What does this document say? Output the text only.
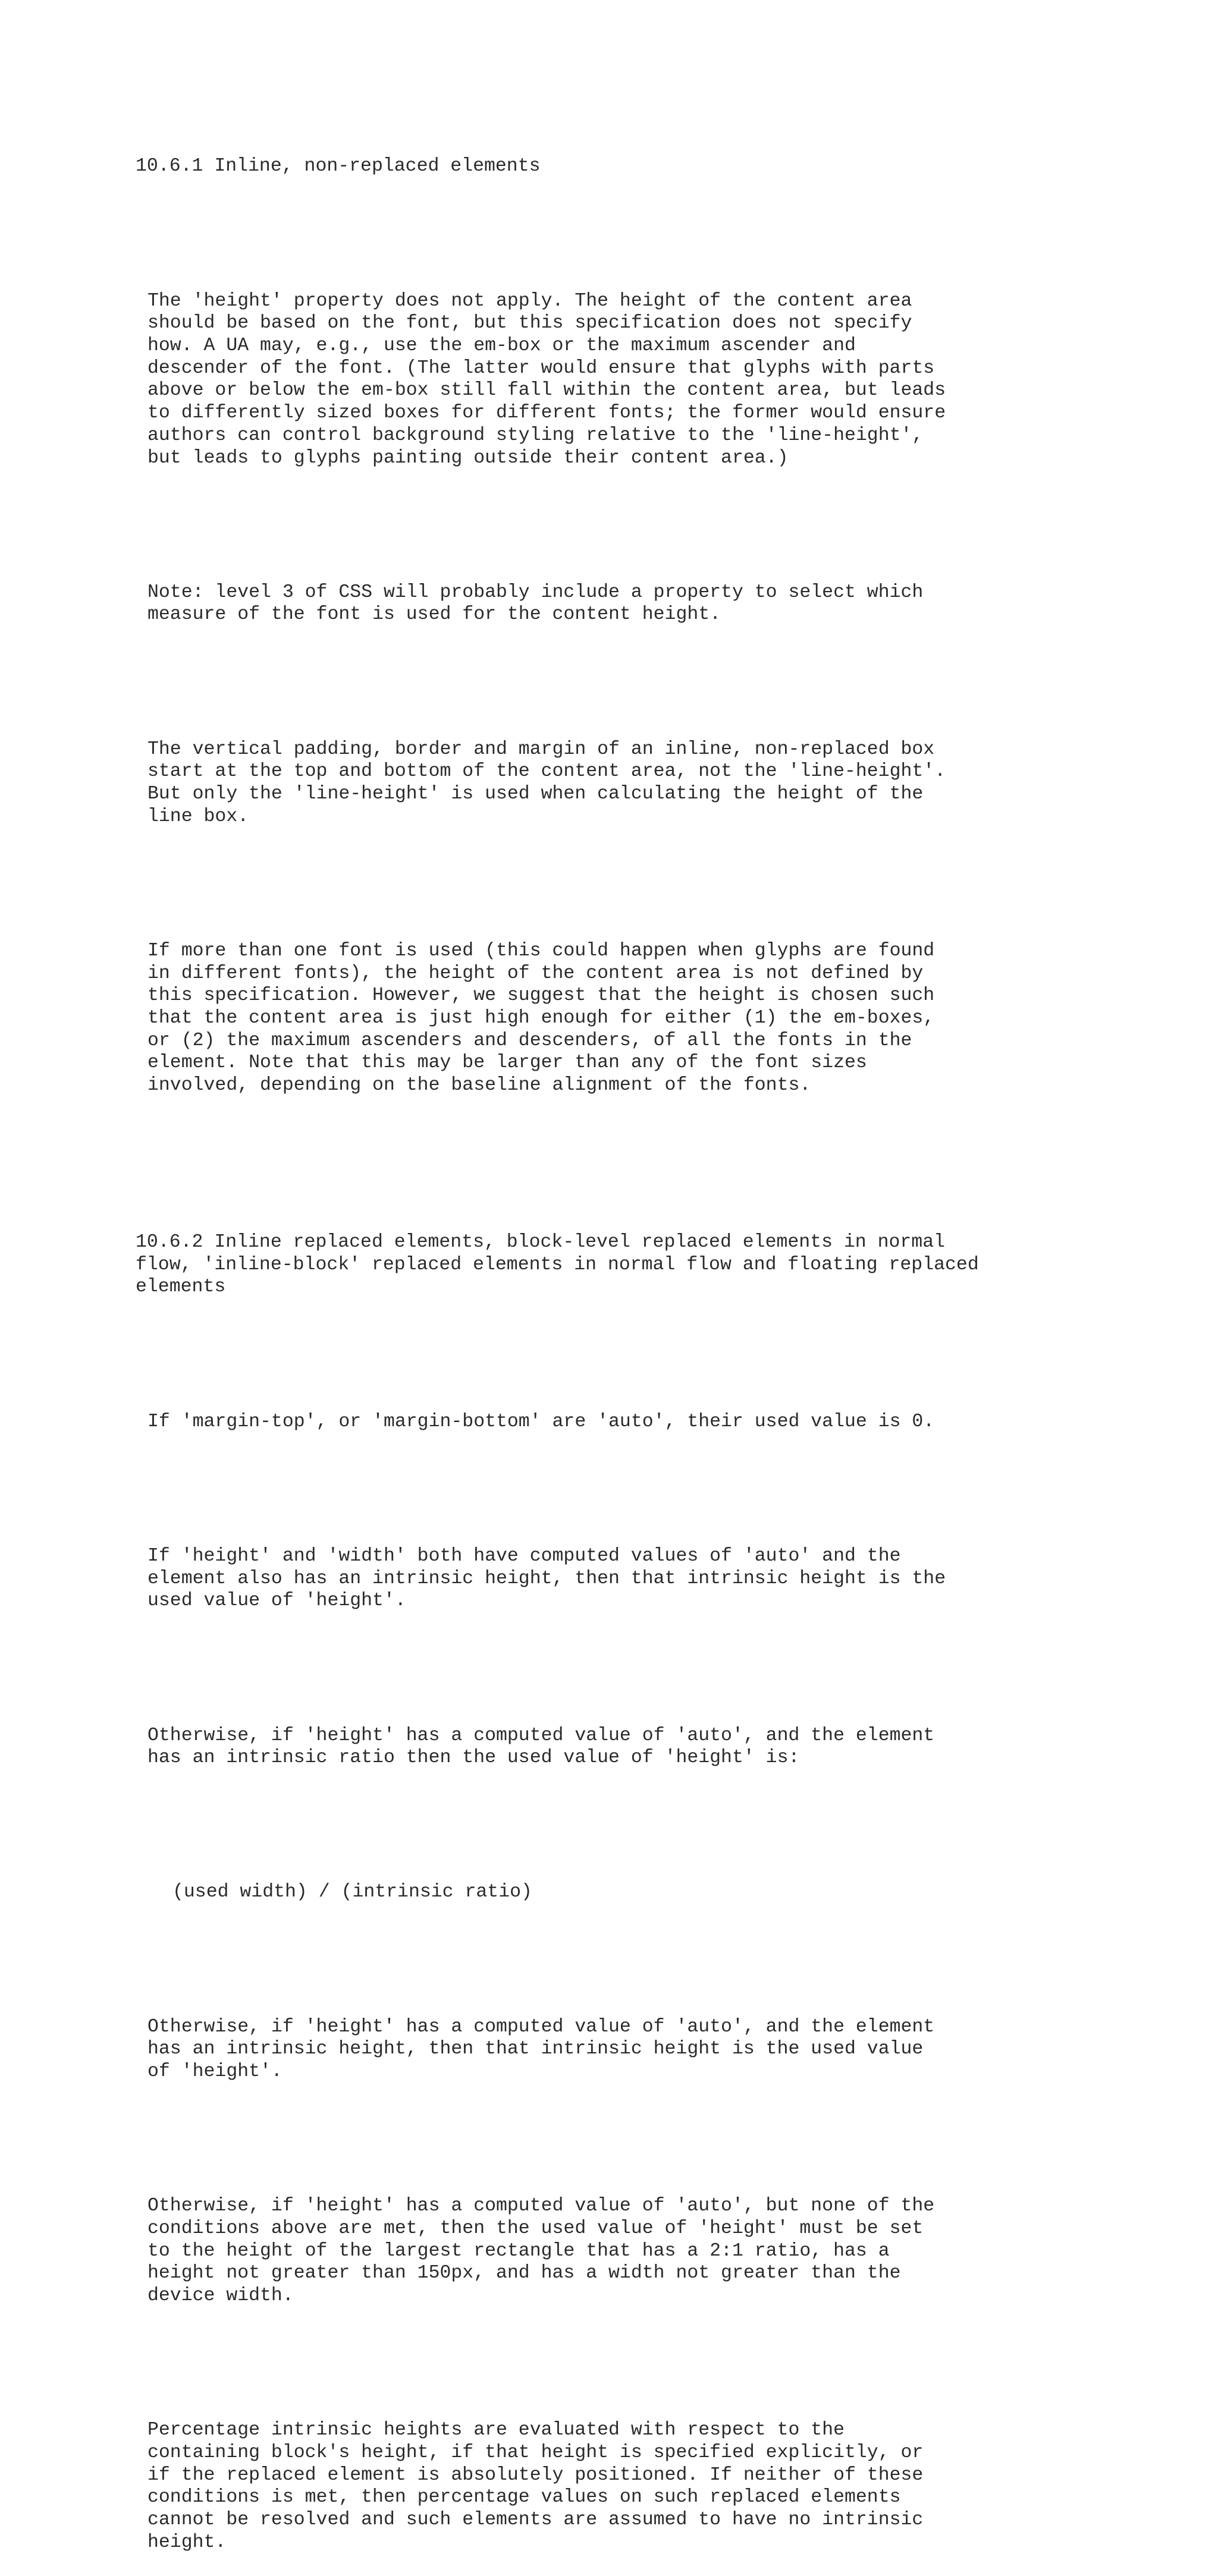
10.6.1 Inline, non-replaced elements

The 'height' property does not apply. The height of the content area
should be based on the font, but this specification does not specify
how. A UA may, e.g., use the em-box or the maximum ascender and
descender of the font. (The latter would ensure that glyphs with parts
above or below the em-box still fall within the content area, but leads
to differently sized boxes for different fonts; the former would ensure
authors can control background styling relative to the 'line-height',
but leads to glyphs painting outside their content area.)

Note: level 3 of CSS will probably include a property to select which
measure of the font is used for the content height.

The vertical padding, border and margin of an inline, non-replaced box
start at the top and bottom of the content area, not the 'line-height'.
But only the 'line-height' is used when calculating the height of the
line box.

If more than one font is used (this could happen when glyphs are found
in different fonts), the height of the content area is not defined by
this specification. However, we suggest that the height is chosen such
that the content area is just high enough for either (1) the em-boxes,
or (2) the maximum ascenders and descenders, of all the fonts in the
element. Note that this may be larger than any of the font sizes
involved, depending on the baseline alignment of the fonts.

10.6.2 Inline replaced elements, block-level replaced elements in normal
flow, 'inline-block' replaced elements in normal flow and floating replaced
elements

If 'margin-top', or 'margin-bottom' are 'auto', their used value is 0.

If 'height' and 'width' both have computed values of 'auto' and the
element also has an intrinsic height, then that intrinsic height is the
used value of 'height'.

Otherwise, if 'height' has a computed value of 'auto', and the element
has an intrinsic ratio then the used value of 'height' is:

(used width) / (intrinsic ratio)

Otherwise, if 'height' has a computed value of 'auto', and the element
has an intrinsic height, then that intrinsic height is the used value
of 'height'.

Otherwise, if 'height' has a computed value of 'auto', but none of the
conditions above are met, then the used value of 'height' must be set
to the height of the largest rectangle that has a 2:1 ratio, has a
height not greater than 150px, and has a width not greater than the
device width.

Percentage intrinsic heights are evaluated with respect to the
containing block's height, if that height is specified explicitly, or
if the replaced element is absolutely positioned. If neither of these
conditions is met, then percentage values on such replaced elements
cannot be resolved and such elements are assumed to have no intrinsic
height.
